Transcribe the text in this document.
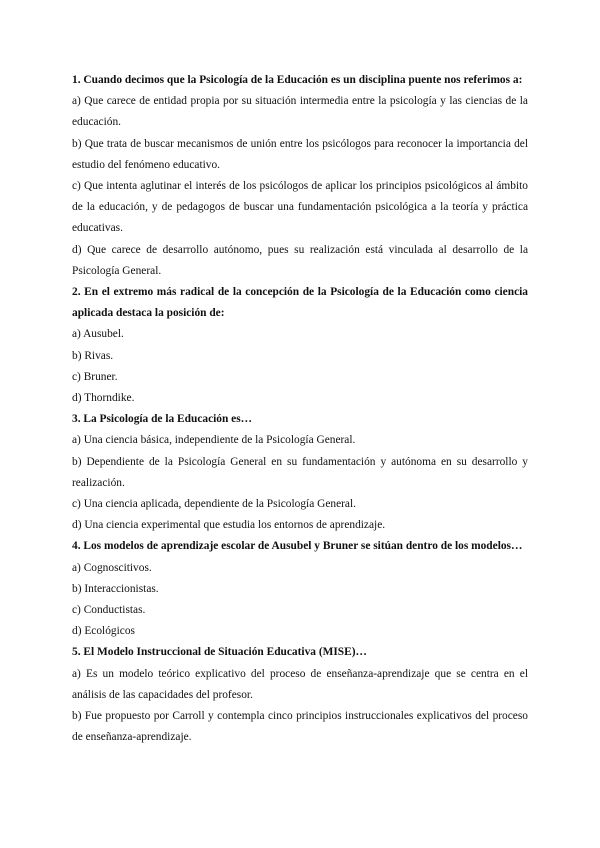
1. Cuando decimos que la Psicología de la Educación es un disciplina puente nos referimos a:

a) Que carece de entidad propia por su situación intermedia entre la psicología y las ciencias de la educación.

b) Que trata de buscar mecanismos de unión entre los psicólogos para reconocer la importancia del estudio del fenómeno educativo.

c) Que intenta aglutinar el interés de los psicólogos de aplicar los principios psicológicos al ámbito de la educación, y de pedagogos de buscar una fundamentación psicológica a la teoría y práctica educativas.

d) Que carece de desarrollo autónomo, pues su realización está vinculada al desarrollo de la Psicología General.

2. En el extremo más radical de la concepción de la Psicología de la Educación como ciencia aplicada destaca la posición de:

a) Ausubel.

b) Rivas.

c) Bruner.

d) Thorndike.

3. La Psicología de la Educación es…

a) Una ciencia básica, independiente de la Psicología General.

b) Dependiente de la Psicología General en su fundamentación y autónoma en su desarrollo y realización.

c) Una ciencia aplicada, dependiente de la Psicología General.

d) Una ciencia experimental que estudia los entornos de aprendizaje.

4. Los modelos de aprendizaje escolar de Ausubel y Bruner se sitúan dentro de los modelos…

a) Cognoscitivos.

b) Interaccionistas.

c) Conductistas.

d) Ecológicos

5. El Modelo Instruccional de Situación Educativa (MISE)…

a) Es un modelo teórico explicativo del proceso de enseñanza-aprendizaje que se centra en el análisis de las capacidades del profesor.

b) Fue propuesto por Carroll y contempla cinco principios instruccionales explicativos del proceso de enseñanza-aprendizaje.
